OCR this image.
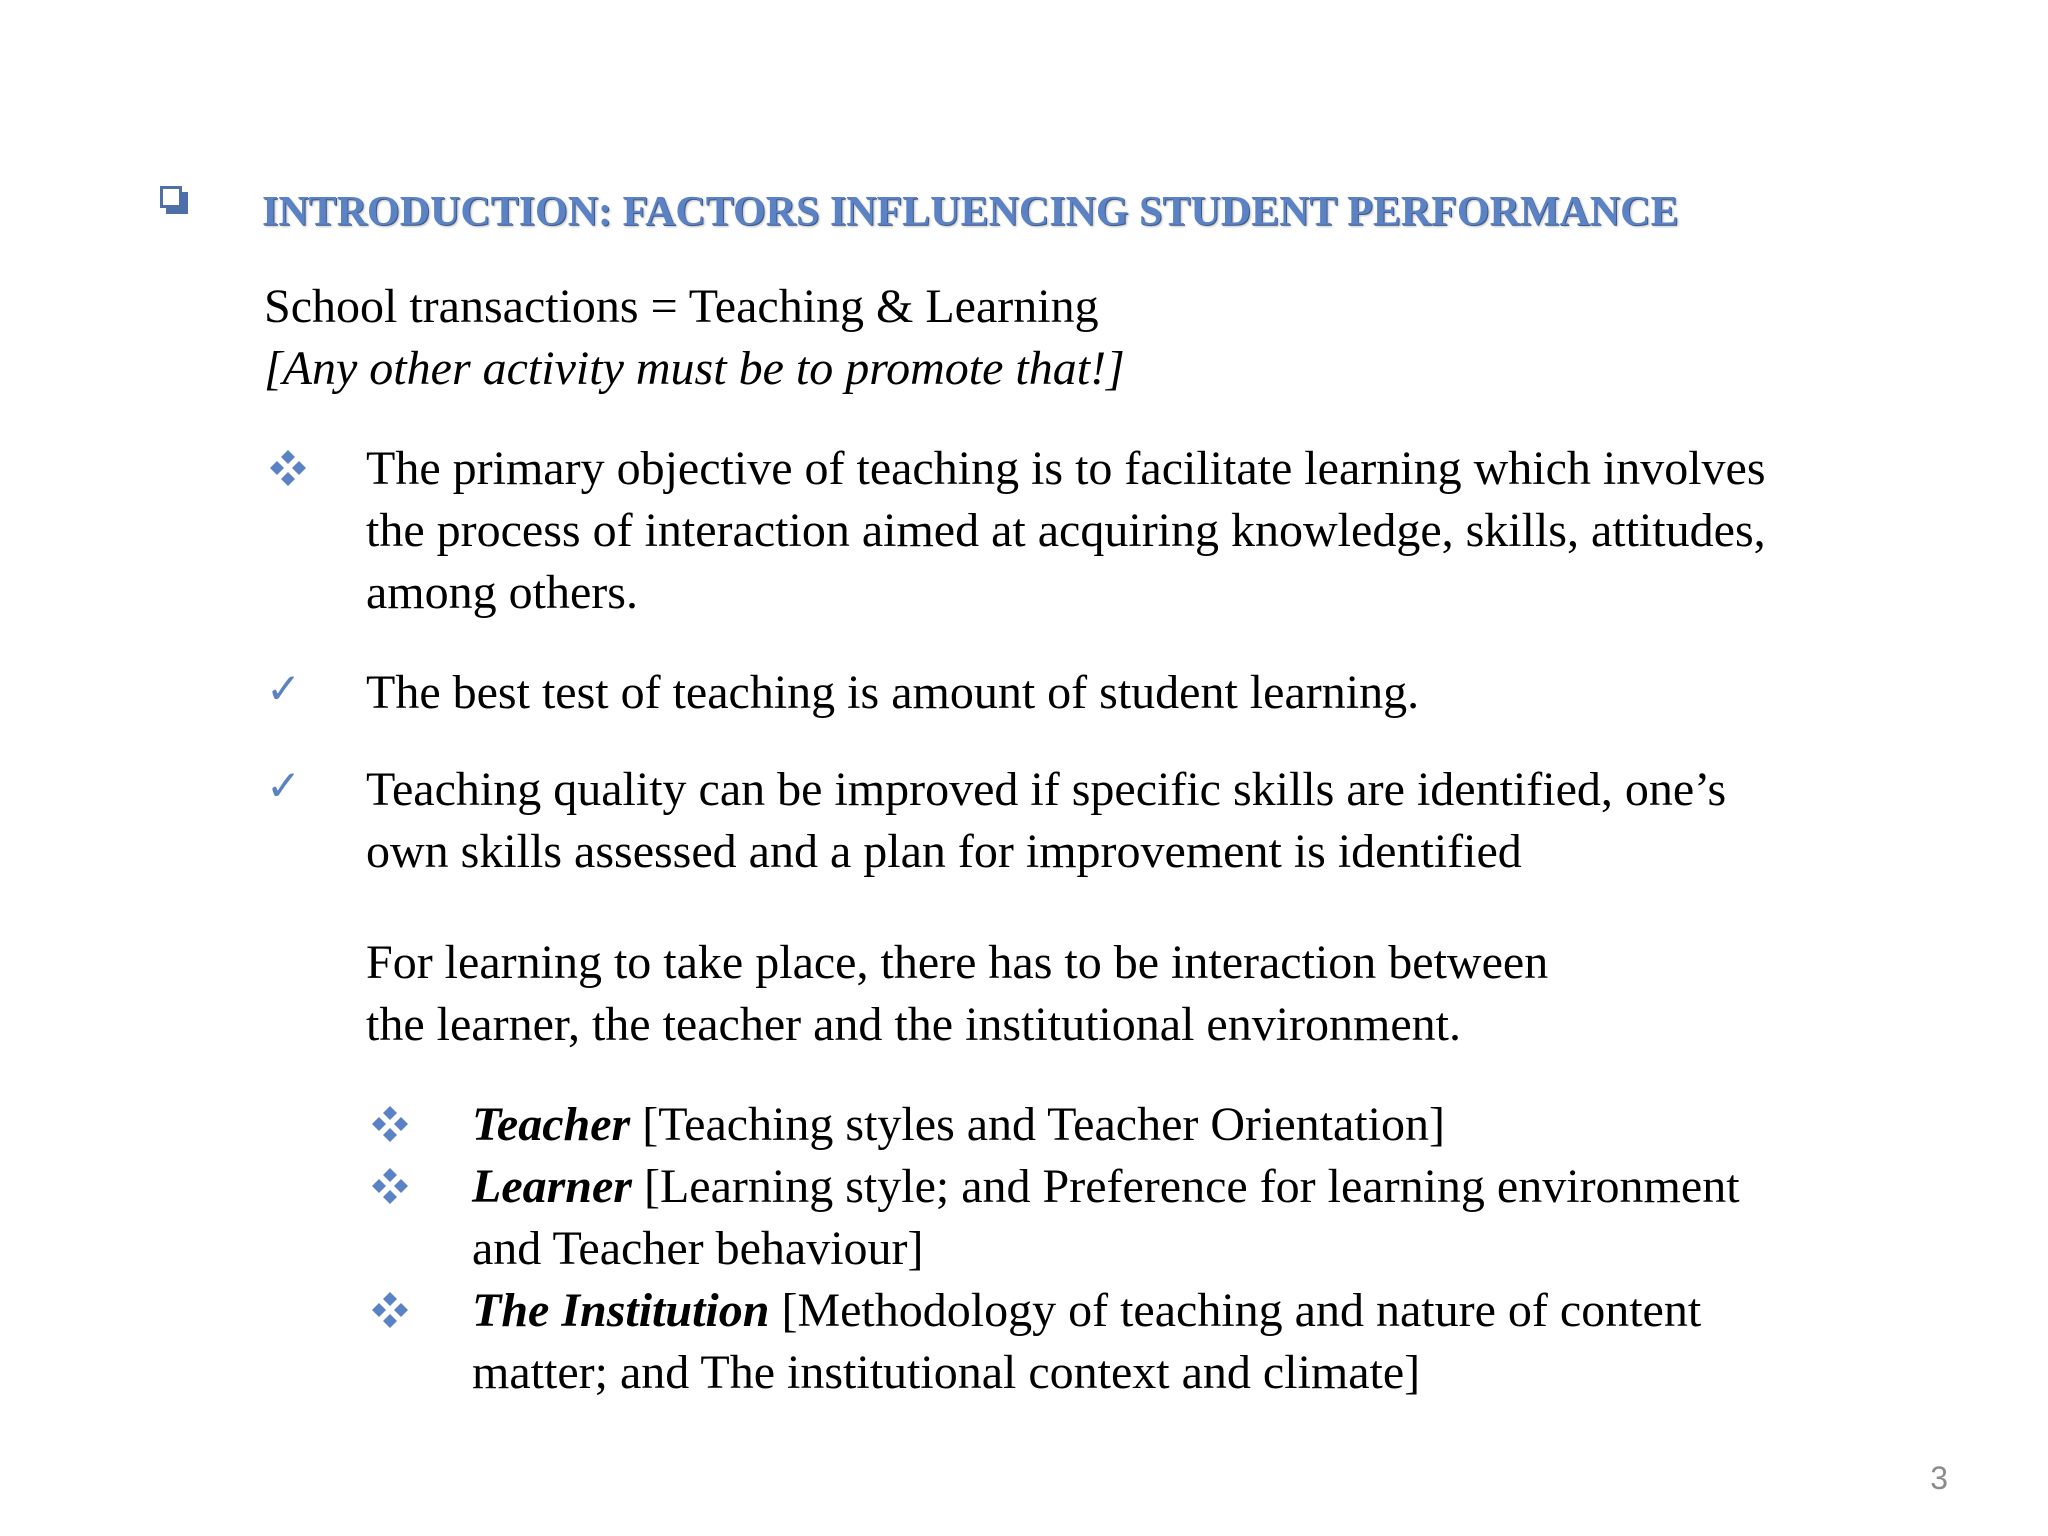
INTRODUCTION: FACTORS INFLUENCING STUDENT PERFORMANCE
School transactions = Teaching & Learning
[Any other activity must be to promote that!]
The primary objective of teaching is to facilitate learning which involves
the process of interaction aimed at acquiring knowledge, skills, attitudes,
among others.
✓ The best test of teaching is amount of student learning.
✓ Teaching quality can be improved if specific skills are identified, one’s
own skills assessed and a plan for improvement is identified
For learning to take place, there has to be interaction between
the learner, the teacher and the institutional environment.
Teacher [Teaching styles and Teacher Orientation]
Learner [Learning style; and Preference for learning environment
and Teacher behaviour]
The Institution [Methodology of teaching and nature of content
matter; and The institutional context and climate]
3
